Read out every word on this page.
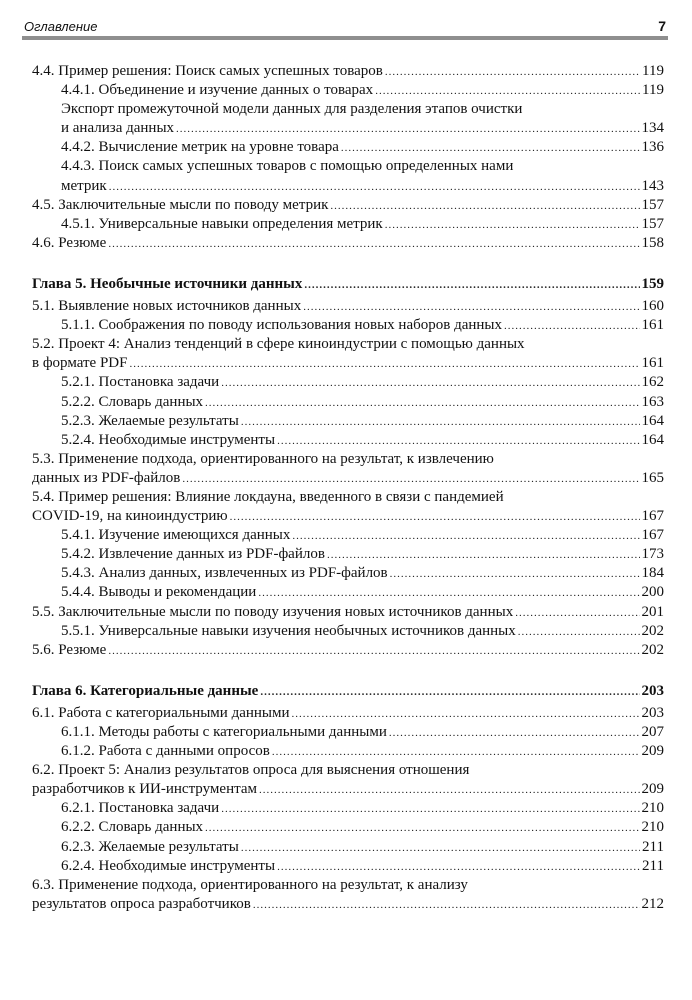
Оглавление	7
4.4. Пример решения: Поиск самых успешных товаров .....	119
4.4.1. Объединение и изучение данных о товарах .....	119
Экспорт промежуточной модели данных для разделения этапов очистки
и анализа данных .....	134
4.4.2. Вычисление метрик на уровне товара .....	136
4.4.3. Поиск самых успешных товаров с помощью определенных нами
метрик .....	143
4.5. Заключительные мысли по поводу метрик .....	157
4.5.1. Универсальные навыки определения метрик .....	157
4.6. Резюме .....	158
Глава 5. Необычные источники данных .....	159
5.1. Выявление новых источников данных .....	160
5.1.1. Соображения по поводу использования новых наборов данных .....	161
5.2. Проект 4: Анализ тенденций в сфере киноиндустрии с помощью данных
в формате PDF .....	161
5.2.1. Постановка задачи .....	162
5.2.2. Словарь данных .....	163
5.2.3. Желаемые результаты .....	164
5.2.4. Необходимые инструменты .....	164
5.3. Применение подхода, ориентированного на результат, к извлечению
данных из PDF-файлов .....	165
5.4. Пример решения: Влияние локдауна, введенного в связи с пандемией
COVID-19, на киноиндустрию .....	167
5.4.1. Изучение имеющихся данных .....	167
5.4.2. Извлечение данных из PDF-файлов .....	173
5.4.3. Анализ данных, извлеченных из PDF-файлов .....	184
5.4.4. Выводы и рекомендации .....	200
5.5. Заключительные мысли по поводу изучения новых источников данных .....	201
5.5.1. Универсальные навыки изучения необычных источников данных .....	202
5.6. Резюме .....	202
Глава 6. Категориальные данные .....	203
6.1. Работа с категориальными данными .....	203
6.1.1. Методы работы с категориальными данными .....	207
6.1.2. Работа с данными опросов .....	209
6.2. Проект 5: Анализ результатов опроса для выяснения отношения
разработчиков к ИИ-инструментам .....	209
6.2.1. Постановка задачи .....	210
6.2.2. Словарь данных .....	210
6.2.3. Желаемые результаты .....	211
6.2.4. Необходимые инструменты .....	211
6.3. Применение подхода, ориентированного на результат, к анализу
результатов опроса разработчиков .....	212
